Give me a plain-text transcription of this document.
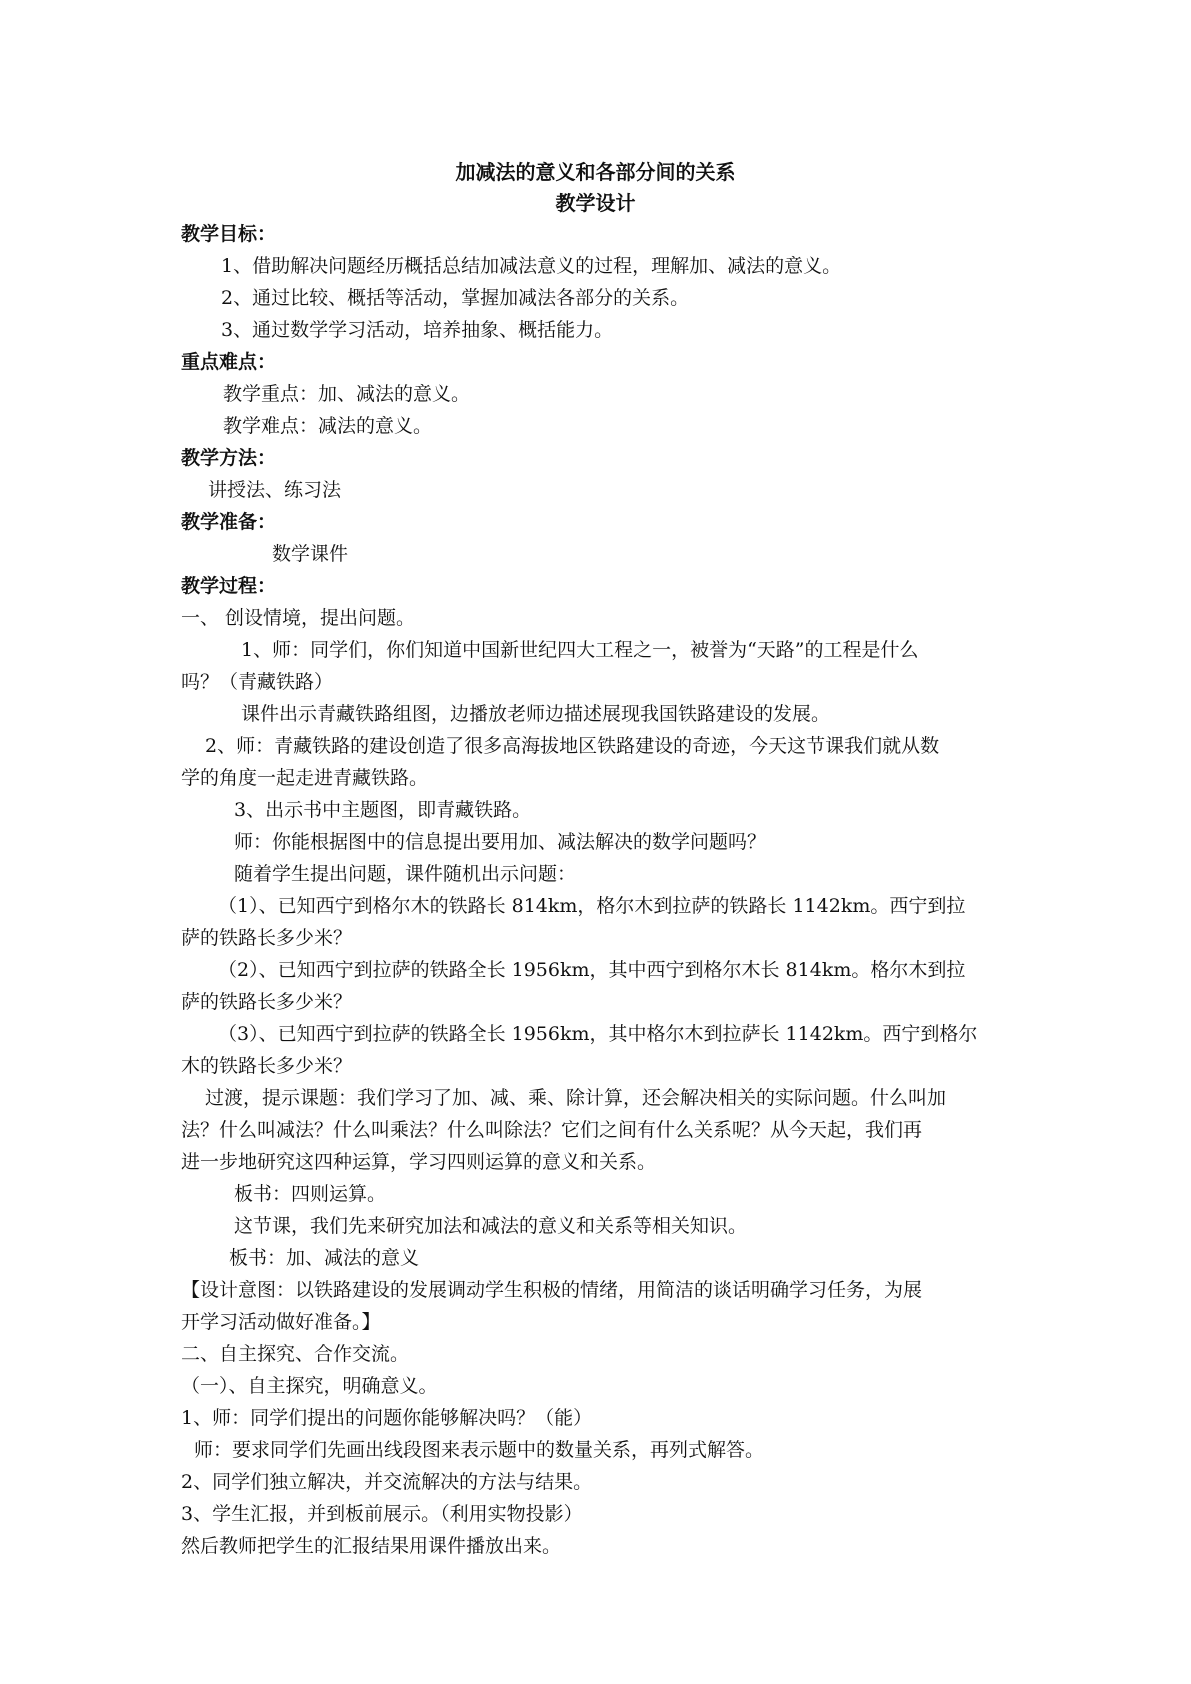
加减法的意义和各部分间的关系
教学设计

教学目标：

1、借助解决问题经历概括总结加减法意义的过程，理解加、减法的意义。

2、通过比较、概括等活动，掌握加减法各部分的关系。

3、通过数学学习活动，培养抽象、概括能力。

重点难点：

教学重点：加、减法的意义。

教学难点：减法的意义。

教学方法：

讲授法、练习法

教学准备：

数学课件

教学过程：

一、 创设情境，提出问题。

1、师：同学们，你们知道中国新世纪四大工程之一，被誉为“天路”的工程是什么

吗？（青藏铁路）

课件出示青藏铁路组图，边播放老师边描述展现我国铁路建设的发展。

2、师：青藏铁路的建设创造了很多高海拔地区铁路建设的奇迹，今天这节课我们就从数

学的角度一起走进青藏铁路。

3、出示书中主题图，即青藏铁路。

师：你能根据图中的信息提出要用加、减法解决的数学问题吗？

随着学生提出问题，课件随机出示问题：

（1）、已知西宁到格尔木的铁路长 814km，格尔木到拉萨的铁路长 1142km。西宁到拉

萨的铁路长多少米？

（2）、已知西宁到拉萨的铁路全长 1956km，其中西宁到格尔木长 814km。格尔木到拉

萨的铁路长多少米？

（3）、已知西宁到拉萨的铁路全长 1956km，其中格尔木到拉萨长 1142km。西宁到格尔

木的铁路长多少米？

过渡，提示课题：我们学习了加、减、乘、除计算，还会解决相关的实际问题。什么叫加

法？什么叫减法？什么叫乘法？什么叫除法？它们之间有什么关系呢？从今天起，我们再

进一步地研究这四种运算，学习四则运算的意义和关系。

板书：四则运算。

这节课，我们先来研究加法和减法的意义和关系等相关知识。

板书：加、减法的意义

【设计意图：以铁路建设的发展调动学生积极的情绪，用简洁的谈话明确学习任务，为展

开学习活动做好准备。】

二、自主探究、合作交流。

（一）、自主探究，明确意义。

1、师：同学们提出的问题你能够解决吗？（能）

师：要求同学们先画出线段图来表示题中的数量关系，再列式解答。

2、同学们独立解决，并交流解决的方法与结果。

3、学生汇报，并到板前展示。（利用实物投影）

然后教师把学生的汇报结果用课件播放出来。
